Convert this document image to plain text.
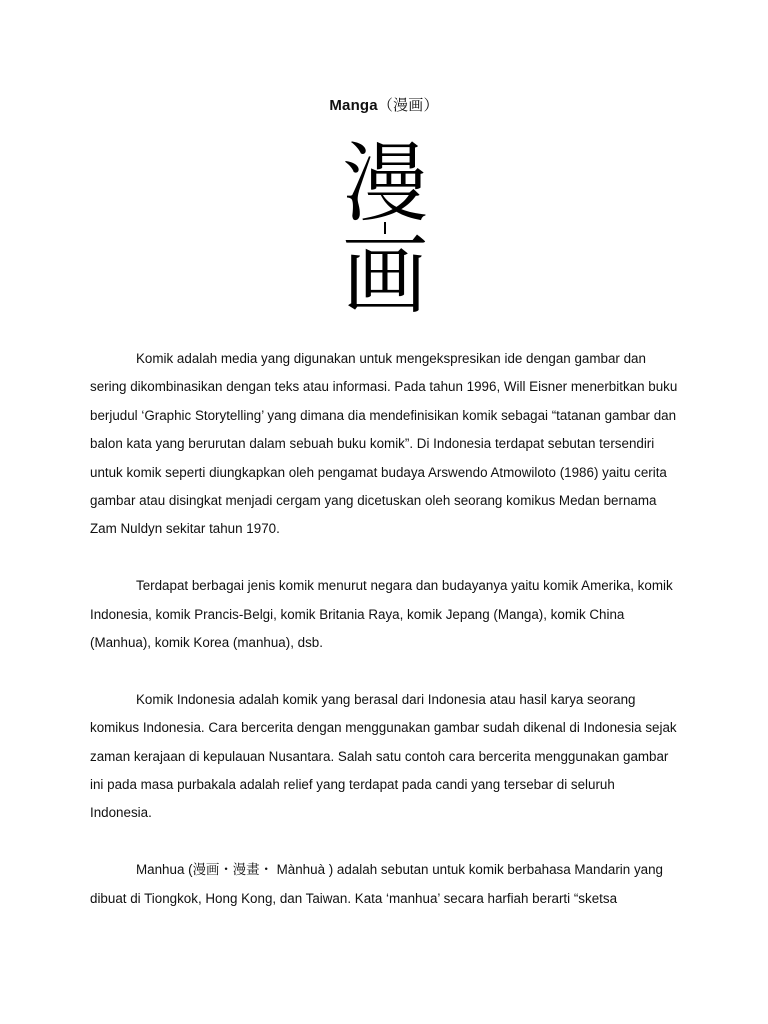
Manga（漫画）
漫
画

Komik adalah media yang digunakan untuk mengekspresikan ide dengan gambar dan sering dikombinasikan dengan teks atau informasi. Pada tahun 1996, Will Eisner menerbitkan buku berjudul ‘Graphic Storytelling’ yang dimana dia mendefinisikan komik sebagai “tatanan gambar dan balon kata yang berurutan dalam sebuah buku komik”. Di Indonesia terdapat sebutan tersendiri untuk komik seperti diungkapkan oleh pengamat budaya Arswendo Atmowiloto (1986) yaitu cerita gambar atau disingkat menjadi cergam yang dicetuskan oleh seorang komikus Medan bernama Zam Nuldyn sekitar tahun 1970.

Terdapat berbagai jenis komik menurut negara dan budayanya yaitu komik Amerika, komik Indonesia, komik Prancis-Belgi, komik Britania Raya, komik Jepang (Manga), komik China (Manhua), komik Korea (manhua), dsb.

Komik Indonesia adalah komik yang berasal dari Indonesia atau hasil karya seorang komikus Indonesia. Cara bercerita dengan menggunakan gambar sudah dikenal di Indonesia sejak zaman kerajaan di kepulauan Nusantara. Salah satu contoh cara bercerita menggunakan gambar ini pada masa purbakala adalah relief yang terdapat pada candi yang tersebar di seluruh Indonesia.

Manhua (漫画・漫畫・ Mànhuà ) adalah sebutan untuk komik berbahasa Mandarin yang dibuat di Tiongkok, Hong Kong, dan Taiwan. Kata ‘manhua’ secara harfiah berarti “sketsa
